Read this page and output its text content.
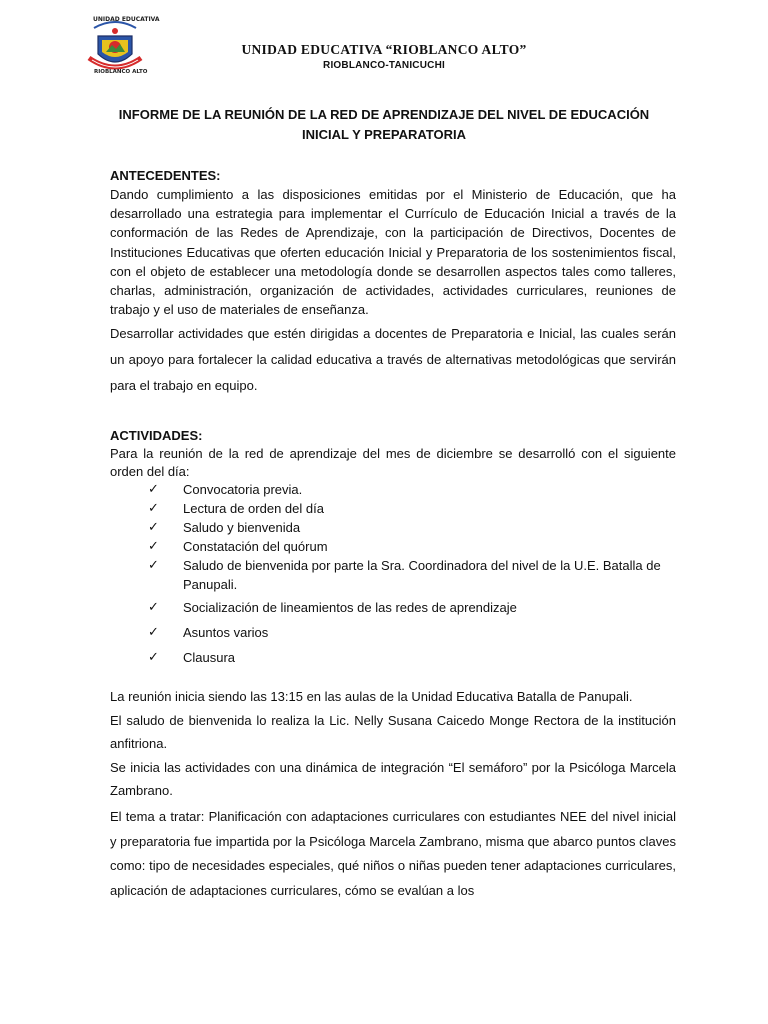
UNIDAD EDUCATIVA
RIOBLANCO ALTO
UNIDAD EDUCATIVA “RIOBLANCO ALTO”
RIOBLANCO-TANICUCHI
INFORME DE LA REUNIÓN DE LA RED DE APRENDIZAJE DEL NIVEL DE EDUCACIÓN INICIAL Y PREPARATORIA
ANTECEDENTES:
Dando cumplimiento a las disposiciones emitidas por el Ministerio de Educación, que ha desarrollado una estrategia para implementar el Currículo de Educación Inicial a través de la conformación de las Redes de Aprendizaje, con la participación de Directivos, Docentes de Instituciones Educativas que oferten educación Inicial y Preparatoria de los sostenimientos fiscal, con el objeto de establecer una metodología donde se desarrollen aspectos tales como talleres, charlas, administración, organización de actividades, actividades curriculares, reuniones de trabajo y el uso de materiales de enseñanza.
Desarrollar actividades que estén dirigidas a docentes de Preparatoria e Inicial, las cuales serán un apoyo para fortalecer la calidad educativa a través de alternativas metodológicas que servirán para el trabajo en equipo.
ACTIVIDADES:
Para la reunión de la red de aprendizaje del mes de diciembre se desarrolló con el siguiente orden del día:
✓ Convocatoria previa.
✓ Lectura de orden del día
✓ Saludo y bienvenida
✓ Constatación del quórum
✓ Saludo de bienvenida por parte la Sra. Coordinadora del nivel de la U.E. Batalla de Panupali.
✓ Socialización de lineamientos de las redes de aprendizaje
✓ Asuntos varios
✓ Clausura
La reunión inicia siendo las 13:15 en las aulas de la Unidad Educativa Batalla de Panupali.
El saludo de bienvenida lo realiza la Lic. Nelly Susana Caicedo Monge Rectora de la institución anfitriona.
Se inicia las actividades con una dinámica de integración “El semáforo” por la Psicóloga Marcela Zambrano.
El tema a tratar: Planificación con adaptaciones curriculares con estudiantes NEE del nivel inicial y preparatoria fue impartida por la Psicóloga Marcela Zambrano, misma que abarco puntos claves como: tipo de necesidades especiales, qué niños o niñas pueden tener adaptaciones curriculares, aplicación de adaptaciones curriculares, cómo se evalúan a los
